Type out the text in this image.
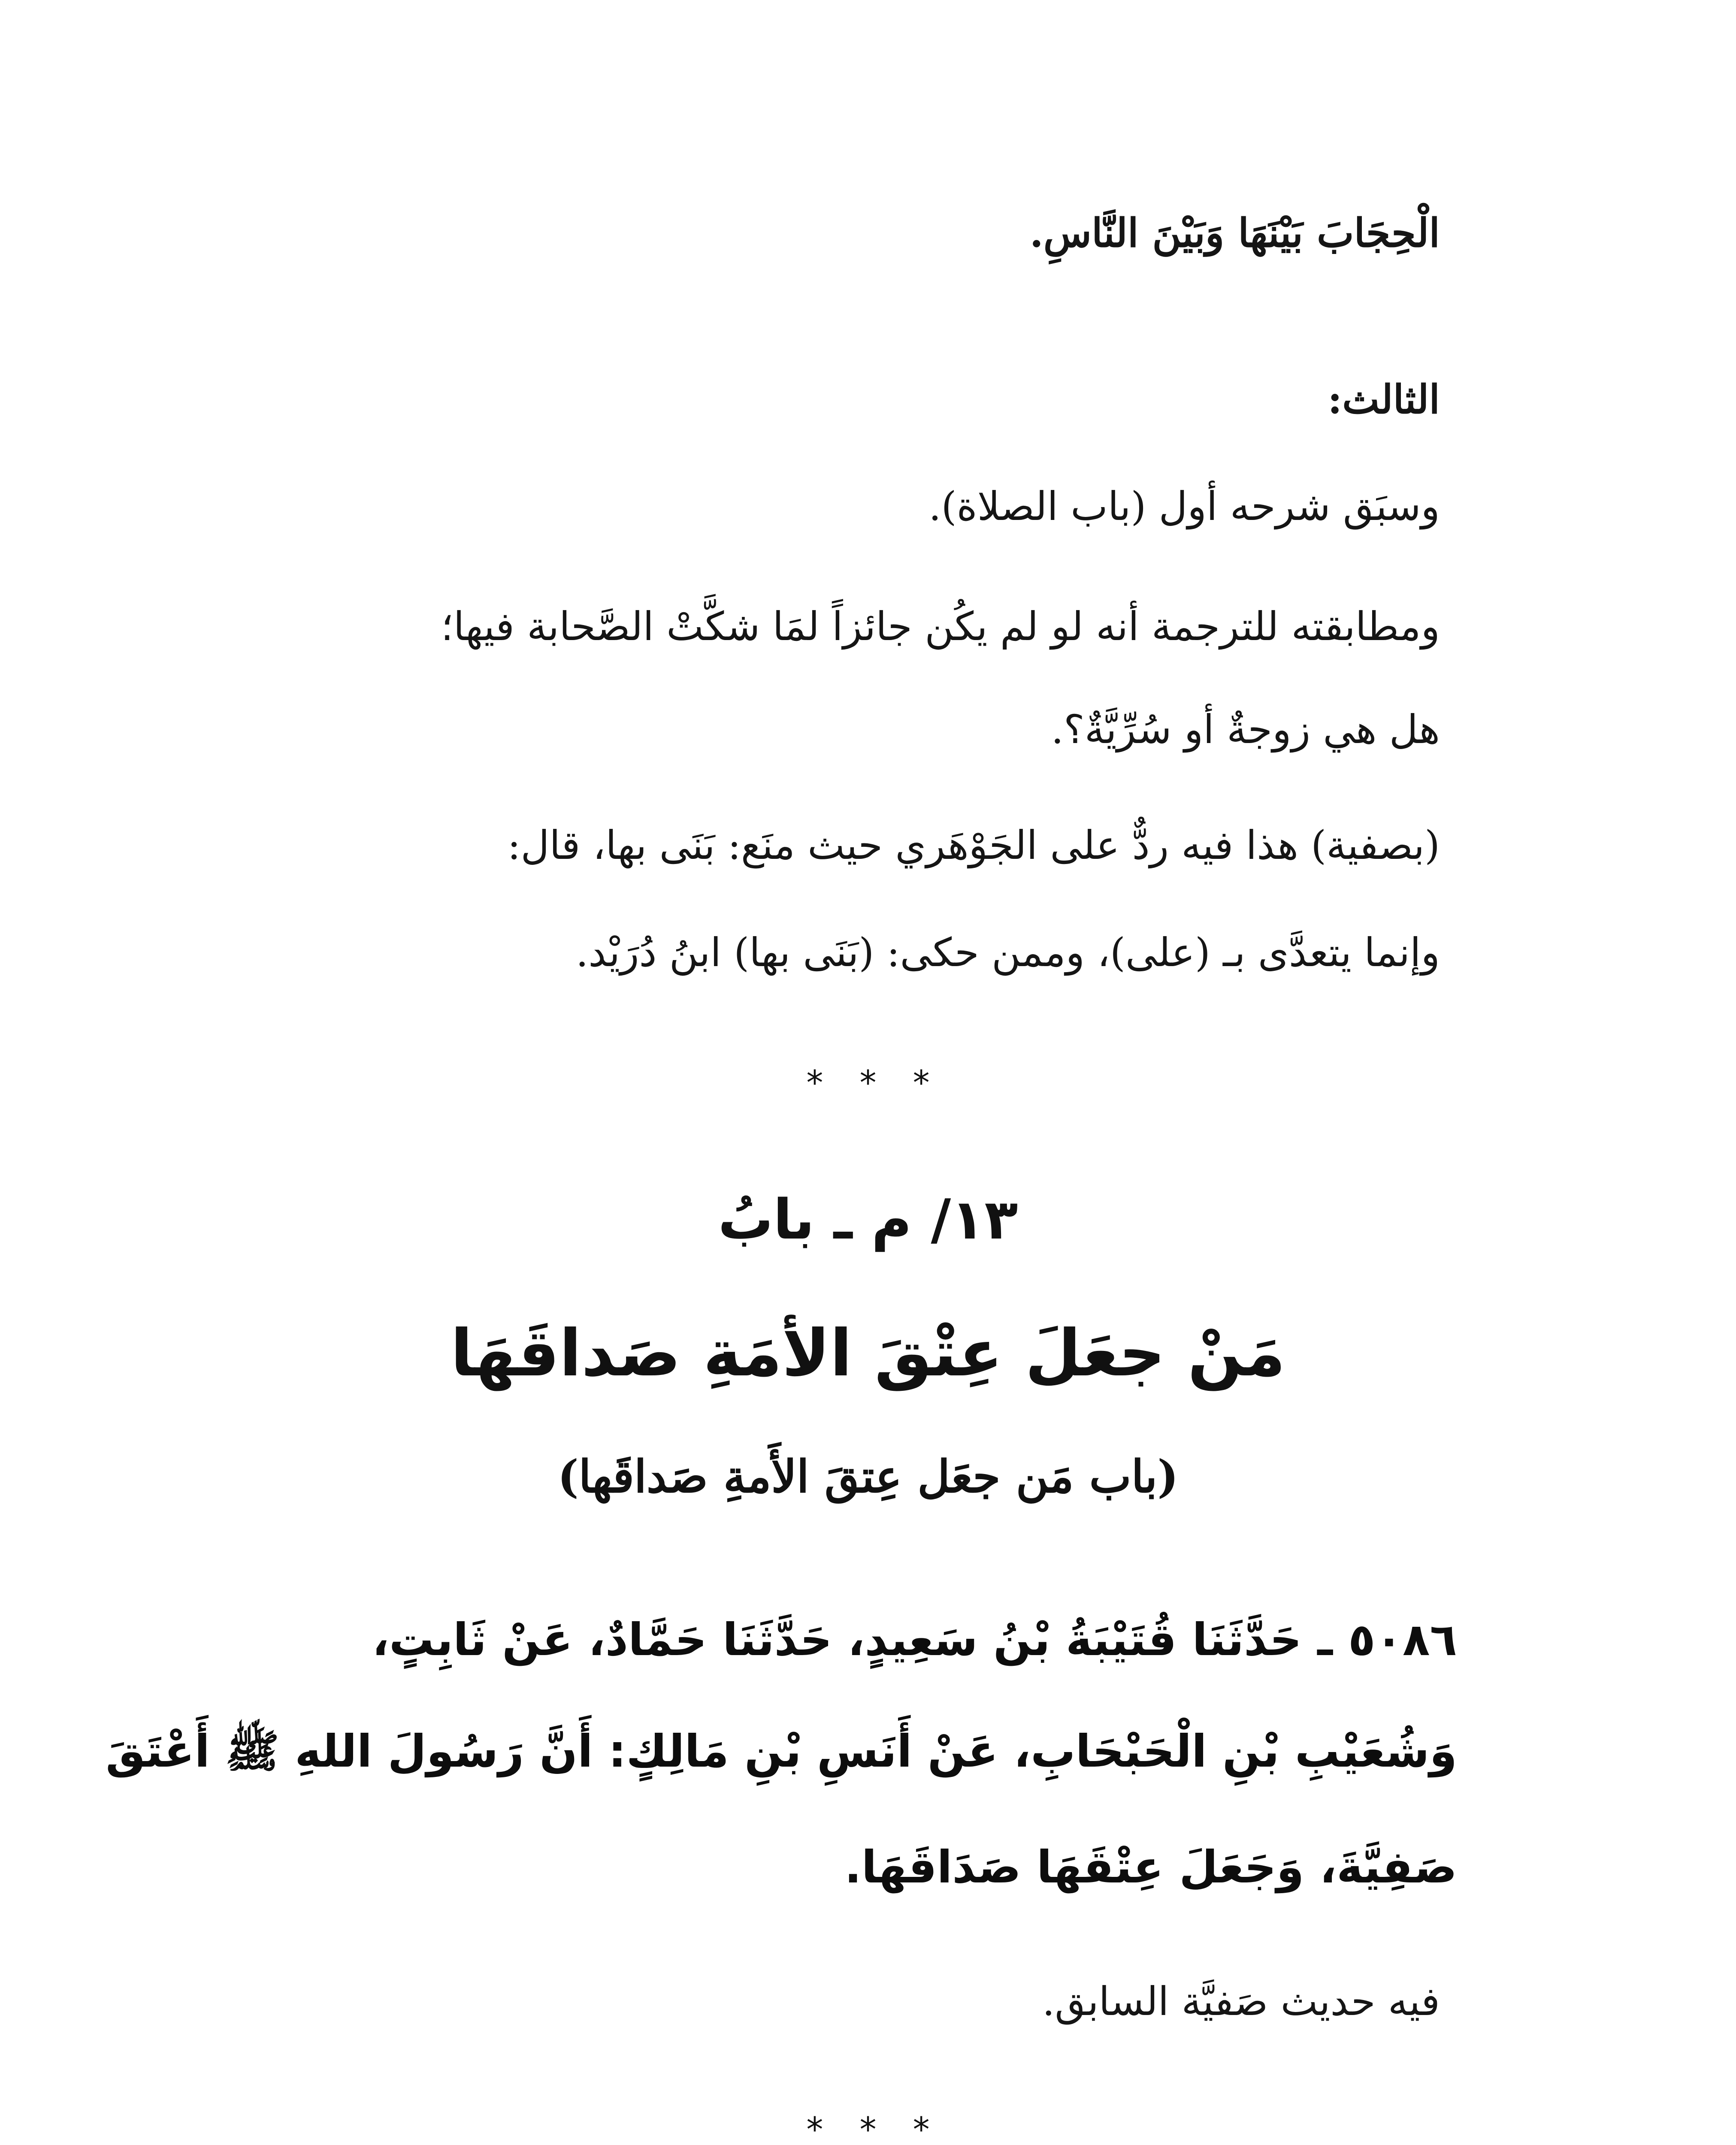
الْحِجَابَ بَيْنَهَا وَبَيْنَ النَّاسِ.
الثالث:
وسبَق شرحه أول (باب الصلاة).
ومطابقته للترجمة أنه لو لم يكُن جائزاً لمَا شكَّتْ الصَّحابة فيها؛
هل هي زوجةٌ أو سُرِّيَّةٌ؟.
(بصفية) هذا فيه ردٌّ على الجَوْهَري حيث منَع: بَنَى بها، قال:
وإنما يتعدَّى بـ (على)، وممن حكى: (بَنَى بها) ابنُ دُرَيْد.
* * *
١٣/ م ـ بابُ
مَنْ جعَلَ عِتْقَ الأمَةِ صَداقَهَا
(باب مَن جعَل عِتقَ الأَمةِ صَداقَها)
٥٠٨٦ ـ حَدَّثَنَا قُتَيْبَةُ بْنُ سَعِيدٍ، حَدَّثَنَا حَمَّادٌ، عَنْ ثَابِتٍ،
وَشُعَيْبِ بْنِ الْحَبْحَابِ، عَنْ أَنَسِ بْنِ مَالِكٍ: أَنَّ رَسُولَ اللهِ ﷺ أَعْتَقَ
صَفِيَّةَ، وَجَعَلَ عِتْقَهَا صَدَاقَهَا.
فيه حديث صَفيَّة السابق.
* * *
